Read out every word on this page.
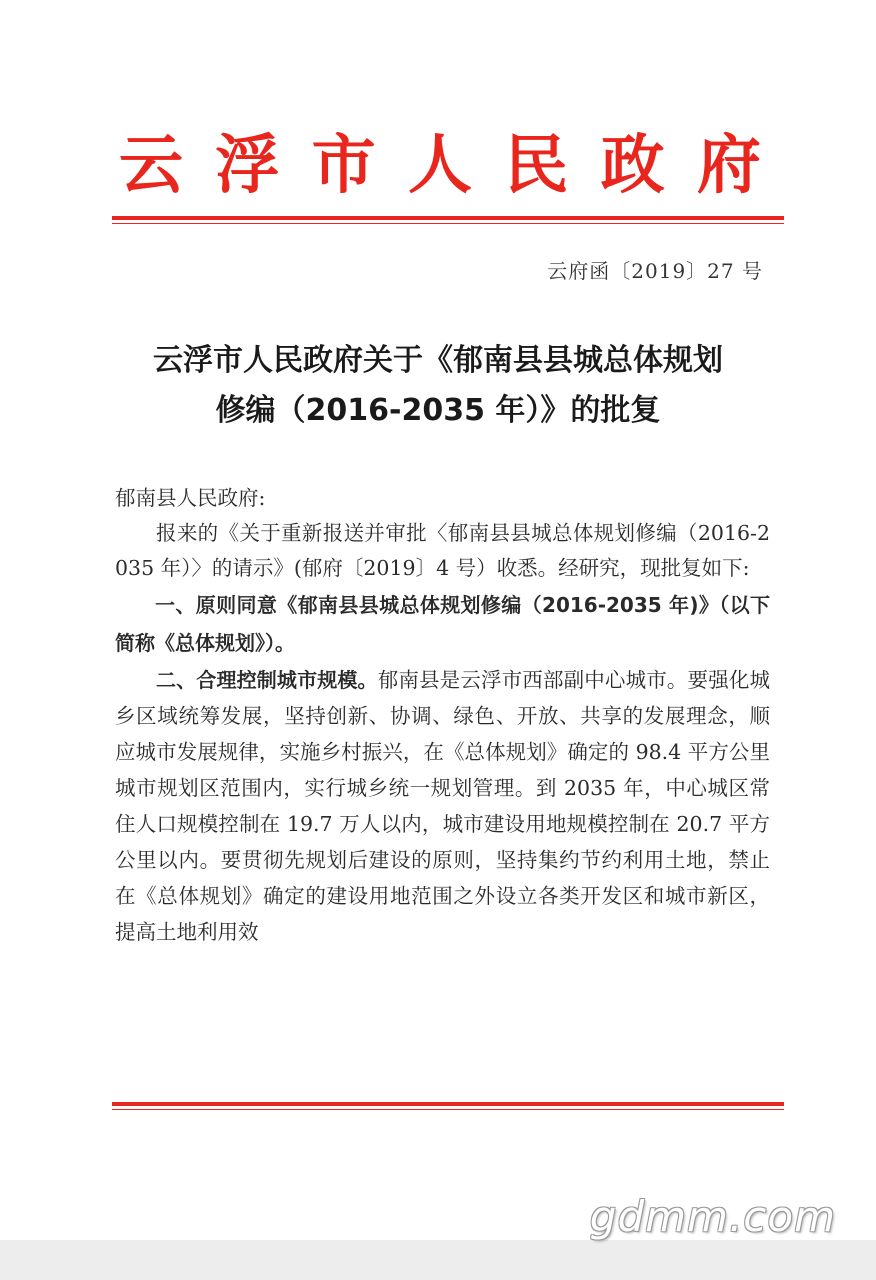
云 浮 市 人 民 政 府
云府函〔2019〕27 号
云浮市人民政府关于《郁南县县城总体规划
修编（2016-2035 年）》的批复

郁南县人民政府:

报来的《关于重新报送并审批〈郁南县县城总体规划修编（2016-2035 年）〉的请示》(郁府〔2019〕4 号）收悉。经研究，现批复如下:

一、原则同意《郁南县县城总体规划修编（2016-2035 年)》（以下简称《总体规划》）。

二、合理控制城市规模。郁南县是云浮市西部副中心城市。要强化城乡区域统筹发展，坚持创新、协调、绿色、开放、共享的发展理念，顺应城市发展规律，实施乡村振兴，在《总体规划》确定的 98.4 平方公里城市规划区范围内，实行城乡统一规划管理。到 2035 年，中心城区常住人口规模控制在 19.7 万人以内，城市建设用地规模控制在 20.7 平方公里以内。要贯彻先规划后建设的原则，坚持集约节约利用土地，禁止在《总体规划》确定的建设用地范围之外设立各类开发区和城市新区，提高土地利用效

gdmm.com
